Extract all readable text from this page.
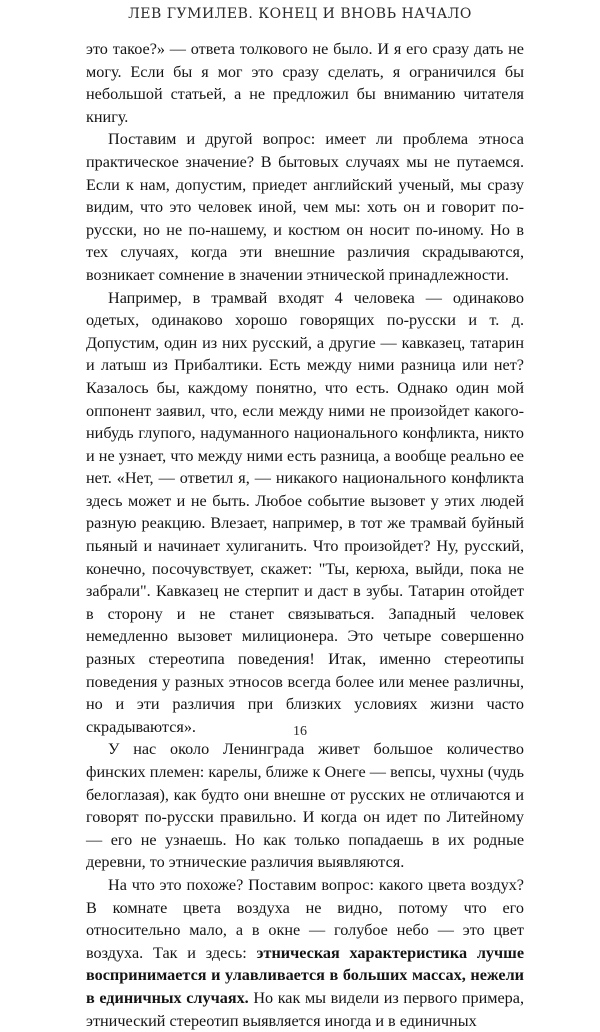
ЛЕВ ГУМИЛЕВ. КОНЕЦ И ВНОВЬ НАЧАЛО

это такое?» — ответа толкового не было. И я его сразу дать не могу. Если бы я мог это сразу сделать, я ограничился бы небольшой статьей, а не предложил бы вниманию читателя книгу.

Поставим и другой вопрос: имеет ли проблема этноса практическое значение? В бытовых случаях мы не путаемся. Если к нам, допустим, приедет английский ученый, мы сразу видим, что это человек иной, чем мы: хоть он и говорит по-русски, но не по-нашему, и костюм он носит по-иному. Но в тех случаях, когда эти внешние различия скрадываются, возникает сомнение в значении этнической принадлежности.

Например, в трамвай входят 4 человека — одинаково одетых, одинаково хорошо говорящих по-русски и т. д. Допустим, один из них русский, а другие — кавказец, татарин и латыш из Прибалтики. Есть между ними разница или нет? Казалось бы, каждому понятно, что есть. Однако один мой оппонент заявил, что, если между ними не произойдет какого-нибудь глупого, надуманного национального конфликта, никто и не узнает, что между ними есть разница, а вообще реально ее нет. «Нет, — ответил я, — никакого национального конфликта здесь может и не быть. Любое событие вызовет у этих людей разную реакцию. Влезает, например, в тот же трамвай буйный пьяный и начинает хулиганить. Что произойдет? Ну, русский, конечно, посочувствует, скажет: "Ты, керюха, выйди, пока не забрали". Кавказец не стерпит и даст в зубы. Татарин отойдет в сторону и не станет связываться. Западный человек немедленно вызовет милиционера. Это четыре совершенно разных стереотипа поведения! Итак, именно стереотипы поведения у разных этносов всегда более или менее различны, но и эти различия при близких условиях жизни часто скрадываются».

У нас около Ленинграда живет большое количество финских племен: карелы, ближе к Онеге — вепсы, чухны (чудь белоглазая), как будто они внешне от русских не отличаются и говорят по-русски правильно. И когда он идет по Литейному — его не узнаешь. Но как только попадаешь в их родные деревни, то этнические различия выявляются.

На что это похоже? Поставим вопрос: какого цвета воздух? В комнате цвета воздуха не видно, потому что его относительно мало, а в окне — голубое небо — это цвет воздуха. Так и здесь: этническая характеристика лучше воспринимается и улавливается в больших массах, нежели в единичных случаях. Но как мы видели из первого примера, этнический стереотип выявляется иногда и в единичных

16
